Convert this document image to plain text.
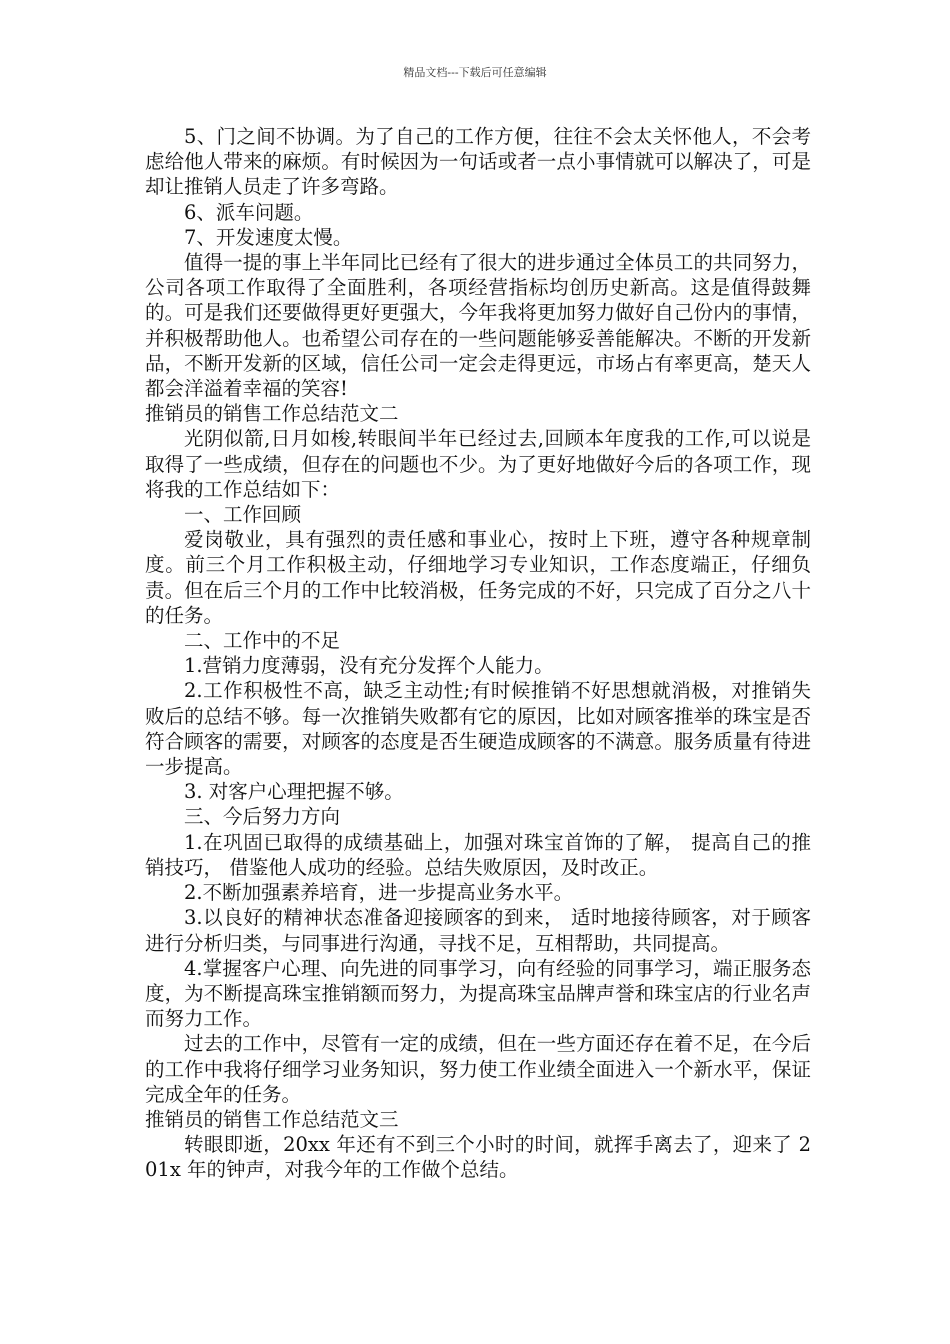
精品文档---下载后可任意编辑

5、门之间不协调。为了自己的工作方便，往往不会太关怀他人，不会考虑给他人带来的麻烦。有时候因为一句话或者一点小事情就可以解决了，可是却让推销人员走了许多弯路。

6、派车问题。

7、开发速度太慢。

值得一提的事上半年同比已经有了很大的进步通过全体员工的共同努力，公司各项工作取得了全面胜利，各项经营指标均创历史新高。这是值得鼓舞的。可是我们还要做得更好更强大，今年我将更加努力做好自己份内的事情，并积极帮助他人。也希望公司存在的一些问题能够妥善能解决。不断的开发新品，不断开发新的区域，信任公司一定会走得更远，市场占有率更高，楚天人都会洋溢着幸福的笑容!

推销员的销售工作总结范文二

光阴似箭,日月如梭,转眼间半年已经过去,回顾本年度我的工作,可以说是取得了一些成绩，但存在的问题也不少。为了更好地做好今后的各项工作，现将我的工作总结如下：

一、工作回顾

爱岗敬业，具有强烈的责任感和事业心，按时上下班，遵守各种规章制度。前三个月工作积极主动，仔细地学习专业知识，工作态度端正，仔细负责。但在后三个月的工作中比较消极，任务完成的不好，只完成了百分之八十的任务。

二、工作中的不足

1.营销力度薄弱，没有充分发挥个人能力。

2.工作积极性不高，缺乏主动性;有时候推销不好思想就消极，对推销失败后的总结不够。每一次推销失败都有它的原因，比如对顾客推举的珠宝是否符合顾客的需要，对顾客的态度是否生硬造成顾客的不满意。服务质量有待进一步提高。

3. 对客户心理把握不够。

三、今后努力方向

1.在巩固已取得的成绩基础上，加强对珠宝首饰的了解， 提高自己的推销技巧， 借鉴他人成功的经验。总结失败原因，及时改正。

2.不断加强素养培育，进一步提高业务水平。

3.以良好的精神状态准备迎接顾客的到来， 适时地接待顾客，对于顾客进行分析归类，与同事进行沟通，寻找不足，互相帮助，共同提高。

4.掌握客户心理、向先进的同事学习，向有经验的同事学习，端正服务态度，为不断提高珠宝推销额而努力，为提高珠宝品牌声誉和珠宝店的行业名声而努力工作。

过去的工作中，尽管有一定的成绩，但在一些方面还存在着不足，在今后的工作中我将仔细学习业务知识，努力使工作业绩全面进入一个新水平，保证完成全年的任务。

推销员的销售工作总结范文三

转眼即逝，20xx 年还有不到三个小时的时间，就挥手离去了，迎来了 201x 年的钟声，对我今年的工作做个总结。
